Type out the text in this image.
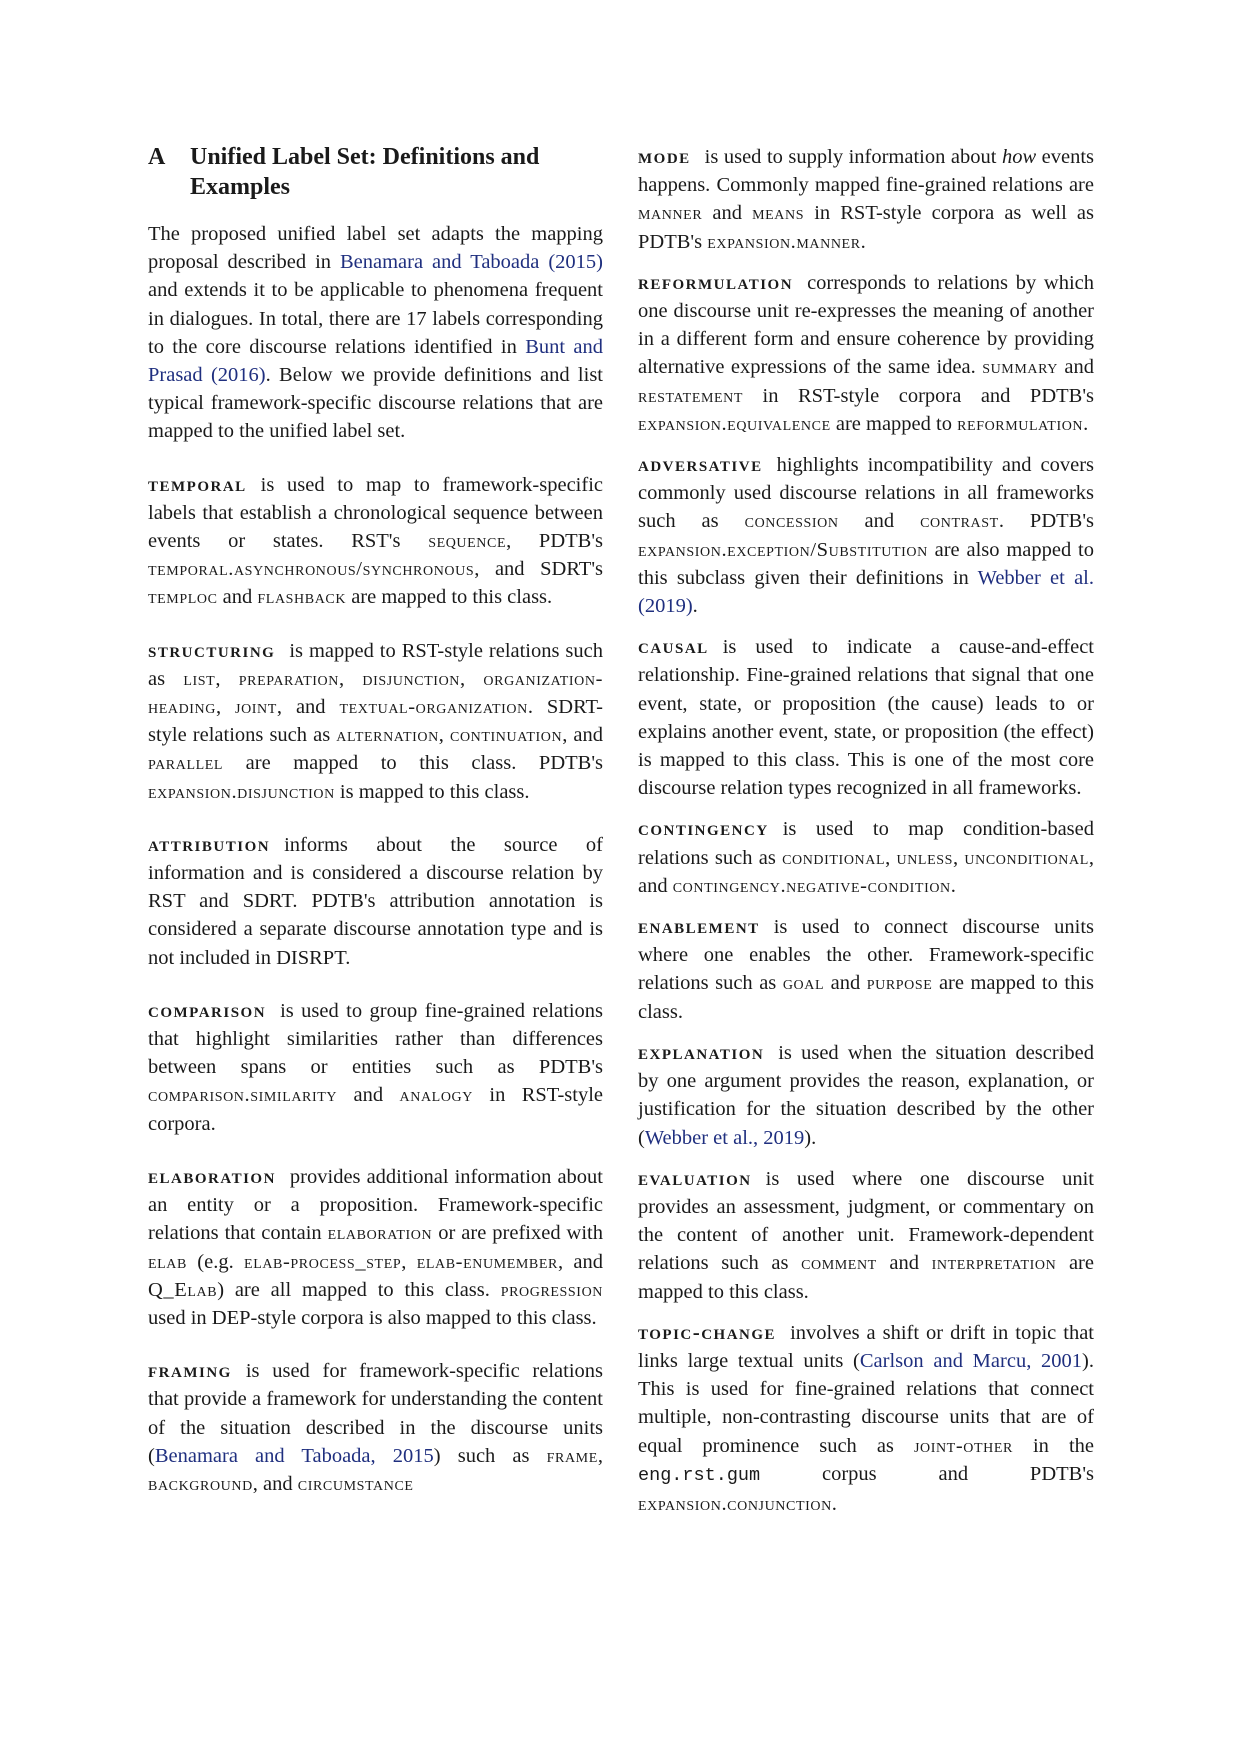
A	Unified Label Set: Definitions and Examples

The proposed unified label set adapts the mapping proposal described in Benamara and Taboada (2015) and extends it to be applicable to phenomena frequent in dialogues. In total, there are 17 labels corresponding to the core discourse relations identified in Bunt and Prasad (2016). Below we provide definitions and list typical framework-specific discourse relations that are mapped to the unified label set.

temporal is used to map to framework-specific labels that establish a chronological sequence between events or states. RST's sequence, PDTB's temporal.asynchronous/synchronous, and SDRT's temploc and flashback are mapped to this class.

structuring is mapped to RST-style relations such as list, preparation, disjunction, organization-heading, joint, and textual-organization. SDRT-style relations such as alternation, continuation, and parallel are mapped to this class. PDTB's expansion.disjunction is mapped to this class.

attribution informs about the source of information and is considered a discourse relation by RST and SDRT. PDTB's attribution annotation is considered a separate discourse annotation type and is not included in DISRPT.

comparison is used to group fine-grained relations that highlight similarities rather than differences between spans or entities such as PDTB's comparison.similarity and analogy in RST-style corpora.

elaboration provides additional information about an entity or a proposition. Framework-specific relations that contain elaboration or are prefixed with elab (e.g. elab-process_step, elab-enumember, and Q_Elab) are all mapped to this class. progression used in DEP-style corpora is also mapped to this class.

framing is used for framework-specific relations that provide a framework for understanding the content of the situation described in the discourse units (Benamara and Taboada, 2015) such as frame, background, and circumstance

mode is used to supply information about how events happens. Commonly mapped fine-grained relations are manner and means in RST-style corpora as well as PDTB's expansion.manner.

reformulation corresponds to relations by which one discourse unit re-expresses the meaning of another in a different form and ensure coherence by providing alternative expressions of the same idea. summary and restatement in RST-style corpora and PDTB's expansion.equivalence are mapped to reformulation.

adversative highlights incompatibility and covers commonly used discourse relations in all frameworks such as concession and contrast. PDTB's expansion.exception/Substitution are also mapped to this subclass given their definitions in Webber et al. (2019).

causal is used to indicate a cause-and-effect relationship. Fine-grained relations that signal that one event, state, or proposition (the cause) leads to or explains another event, state, or proposition (the effect) is mapped to this class. This is one of the most core discourse relation types recognized in all frameworks.

contingency is used to map condition-based relations such as conditional, unless, unconditional, and contingency.negative-condition.

enablement is used to connect discourse units where one enables the other. Framework-specific relations such as goal and purpose are mapped to this class.

explanation is used when the situation described by one argument provides the reason, explanation, or justification for the situation described by the other (Webber et al., 2019).

evaluation is used where one discourse unit provides an assessment, judgment, or commentary on the content of another unit. Framework-dependent relations such as comment and interpretation are mapped to this class.

topic-change involves a shift or drift in topic that links large textual units (Carlson and Marcu, 2001). This is used for fine-grained relations that connect multiple, non-contrasting discourse units that are of equal prominence such as joint-other in the eng.rst.gum corpus and PDTB's expansion.conjunction.
